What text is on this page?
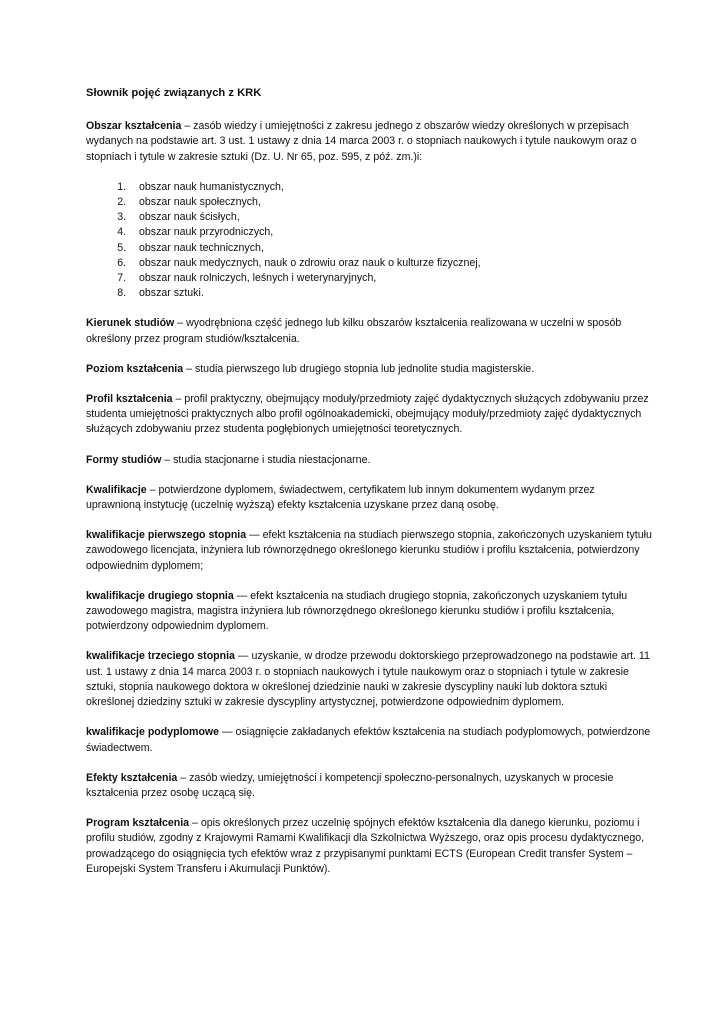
Słownik pojęć związanych z KRK

Obszar kształcenia – zasób wiedzy i umiejętności z zakresu jednego z obszarów wiedzy określonych w przepisach wydanych na podstawie art. 3 ust. 1 ustawy z dnia 14 marca 2003 r. o stopniach naukowych i tytule naukowym oraz o stopniach i tytule w zakresie sztuki (Dz. U. Nr 65, poz. 595, z póź. zm.)i:

1. obszar nauk humanistycznych,
2. obszar nauk społecznych,
3. obszar nauk ścisłych,
4. obszar nauk przyrodniczych,
5. obszar nauk technicznych,
6. obszar nauk medycznych, nauk o zdrowiu oraz nauk o kulturze fizycznej,
7. obszar nauk rolniczych, leśnych i weterynaryjnych,
8. obszar sztuki.

Kierunek studiów – wyodrębniona część jednego lub kilku obszarów kształcenia realizowana w uczelni w sposób określony przez program studiów/kształcenia.

Poziom kształcenia – studia pierwszego lub drugiego stopnia lub jednolite studia magisterskie.

Profil kształcenia – profil praktyczny, obejmujący moduły/przedmioty zajęć dydaktycznych służących zdobywaniu przez studenta umiejętności praktycznych albo profil ogólnoakademicki, obejmujący moduły/przedmioty zajęć dydaktycznych służących zdobywaniu przez studenta pogłębionych umiejętności teoretycznych.

Formy studiów – studia stacjonarne i studia niestacjonarne.

Kwalifikacje – potwierdzone dyplomem, świadectwem, certyfikatem lub innym dokumentem wydanym przez uprawnioną instytucję (uczelnię wyższą) efekty kształcenia uzyskane przez daną osobę.

kwalifikacje pierwszego stopnia — efekt kształcenia na studiach pierwszego stopnia, zakończonych uzyskaniem tytułu zawodowego licencjata, inżyniera lub równorzędnego określonego kierunku studiów i profilu kształcenia, potwierdzony odpowiednim dyplomem;

kwalifikacje drugiego stopnia — efekt kształcenia na studiach drugiego stopnia, zakończonych uzyskaniem tytułu zawodowego magistra, magistra inżyniera lub równorzędnego określonego kierunku studiów i profilu kształcenia, potwierdzony odpowiednim dyplomem.

kwalifikacje trzeciego stopnia — uzyskanie, w drodze przewodu doktorskiego przeprowadzonego na podstawie art. 11 ust. 1 ustawy z dnia 14 marca 2003 r. o stopniach naukowych i tytule naukowym oraz o stopniach i tytule w zakresie sztuki, stopnia naukowego doktora w określonej dziedzinie nauki w zakresie dyscypliny nauki lub doktora sztuki określonej dziedziny sztuki w zakresie dyscypliny artystycznej, potwierdzone odpowiednim dyplomem.

kwalifikacje podyplomowe — osiągnięcie zakładanych efektów kształcenia na studiach podyplomowych, potwierdzone świadectwem.

Efekty kształcenia – zasób wiedzy, umiejętności i kompetencji społeczno-personalnych, uzyskanych w procesie kształcenia przez osobę uczącą się.

Program kształcenia – opis określonych przez uczelnię spójnych efektów kształcenia dla danego kierunku, poziomu i profilu studiów, zgodny z Krajowymi Ramami Kwalifikacji dla Szkolnictwa Wyższego, oraz opis procesu dydaktycznego, prowadzącego do osiągnięcia tych efektów wraz z przypisanymi punktami ECTS (European Credit transfer System – Europejski System Transferu i Akumulacji Punktów).
